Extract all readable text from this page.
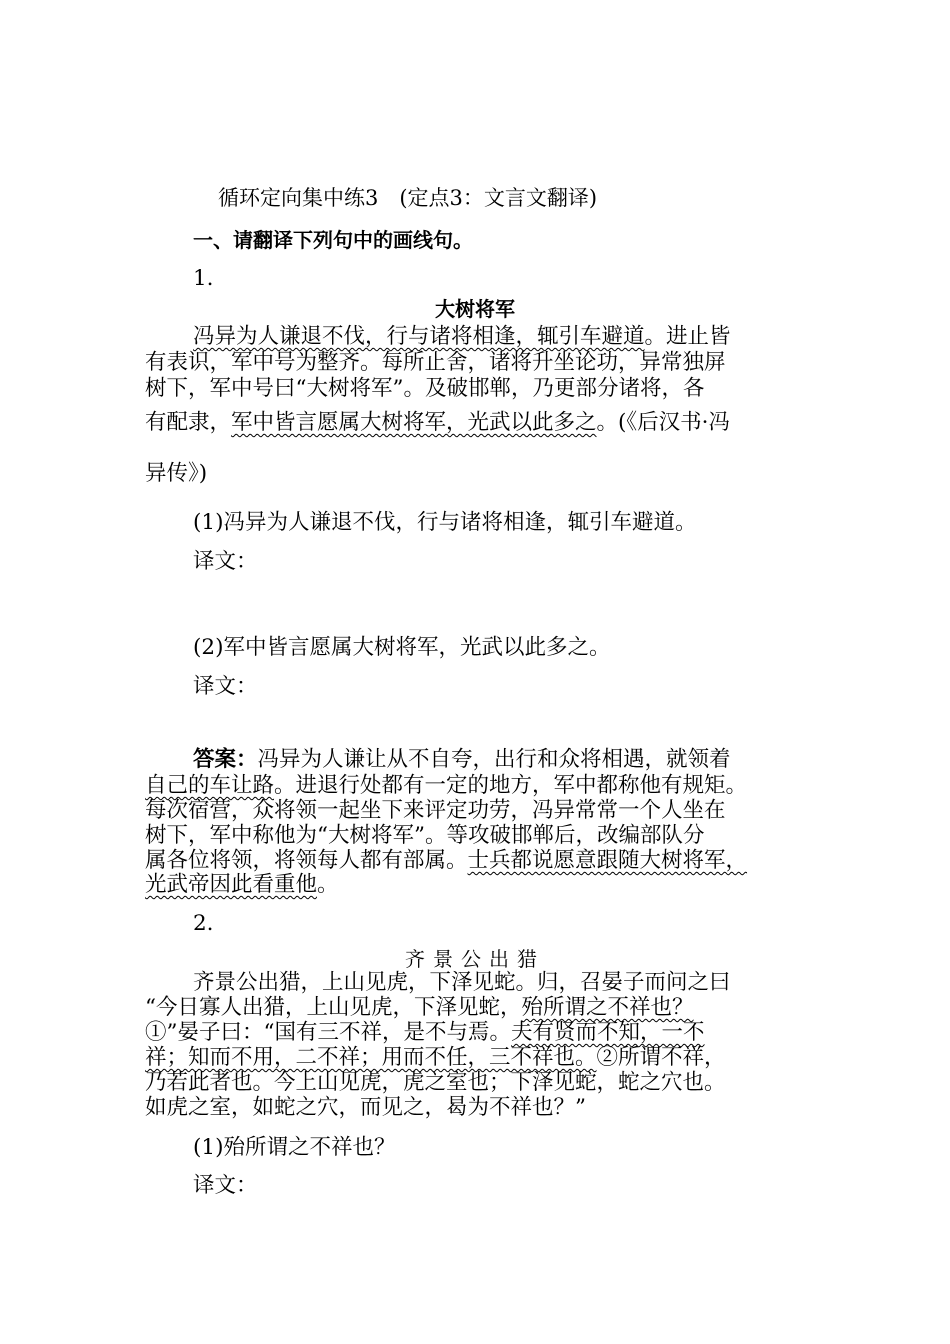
循环定向集中练3　(定点3：文言文翻译)
一、请翻译下列句中的画线句。
1.
大树将军
冯异为人谦退不伐，行与诸将相逢，辄引车避道。进止皆
有表识，军中号为整齐。每所止舍，诸将升坐论功，异常独屏
树下，军中号曰“大树将军”。及破邯郸，乃更部分诸将，各
有配隶，军中皆言愿属大树将军，光武以此多之。(《后汉书·冯
异传》)
(1)冯异为人谦退不伐，行与诸将相逢，辄引车避道。
译文：
(2)军中皆言愿属大树将军，光武以此多之。
译文：
答案：冯异为人谦让从不自夸，出行和众将相遇，就领着
自己的车让路。进退行处都有一定的地方，军中都称他有规矩。
每次宿营，众将领一起坐下来评定功劳，冯异常常一个人坐在
树下，军中称他为“大树将军”。等攻破邯郸后，改编部队分
属各位将领，将领每人都有部属。士兵都说愿意跟随大树将军，
光武帝因此看重他。
2.
齐景公出猎
齐景公出猎，上山见虎，下泽见蛇。归，召晏子而问之曰
“今日寡人出猎，上山见虎，下泽见蛇，殆所谓之不祥也？
①”晏子曰：“国有三不祥，是不与焉。夫有贤而不知，一不
祥；知而不用，二不祥；用而不任，三不祥也。②所谓不祥，
乃若此者也。今上山见虎，虎之室也；下泽见蛇，蛇之穴也。
如虎之室，如蛇之穴，而见之，曷为不祥也？”
(1)殆所谓之不祥也？
译文：
